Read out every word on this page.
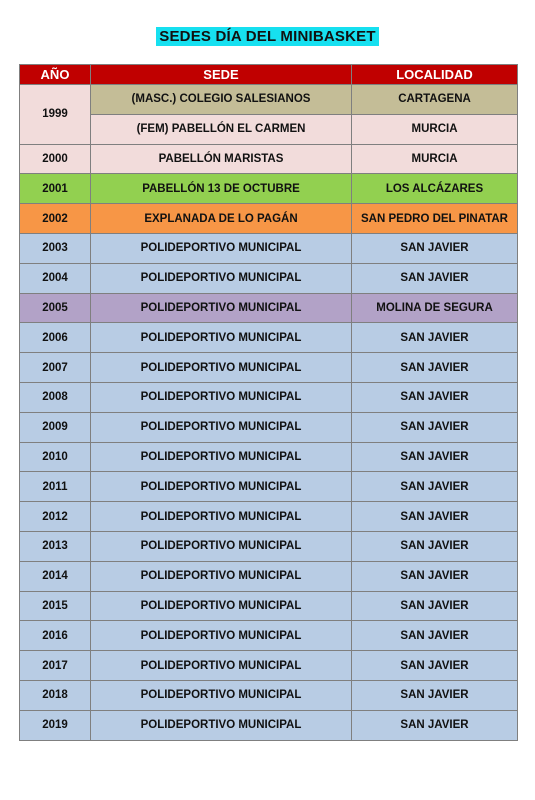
SEDES DÍA DEL MINIBASKET
AÑO	SEDE	LOCALIDAD
1999	(MASC.) COLEGIO SALESIANOS	CARTAGENA
	(FEM) PABELLÓN EL CARMEN	MURCIA
2000	PABELLÓN MARISTAS	MURCIA
2001	PABELLÓN 13 DE OCTUBRE	LOS ALCÁZARES
2002	EXPLANADA DE LO PAGÁN	SAN PEDRO DEL PINATAR
2003	POLIDEPORTIVO MUNICIPAL	SAN JAVIER
2004	POLIDEPORTIVO MUNICIPAL	SAN JAVIER
2005	POLIDEPORTIVO MUNICIPAL	MOLINA DE SEGURA
2006	POLIDEPORTIVO MUNICIPAL	SAN JAVIER
2007	POLIDEPORTIVO MUNICIPAL	SAN JAVIER
2008	POLIDEPORTIVO MUNICIPAL	SAN JAVIER
2009	POLIDEPORTIVO MUNICIPAL	SAN JAVIER
2010	POLIDEPORTIVO MUNICIPAL	SAN JAVIER
2011	POLIDEPORTIVO MUNICIPAL	SAN JAVIER
2012	POLIDEPORTIVO MUNICIPAL	SAN JAVIER
2013	POLIDEPORTIVO MUNICIPAL	SAN JAVIER
2014	POLIDEPORTIVO MUNICIPAL	SAN JAVIER
2015	POLIDEPORTIVO MUNICIPAL	SAN JAVIER
2016	POLIDEPORTIVO MUNICIPAL	SAN JAVIER
2017	POLIDEPORTIVO MUNICIPAL	SAN JAVIER
2018	POLIDEPORTIVO MUNICIPAL	SAN JAVIER
2019	POLIDEPORTIVO MUNICIPAL	SAN JAVIER
